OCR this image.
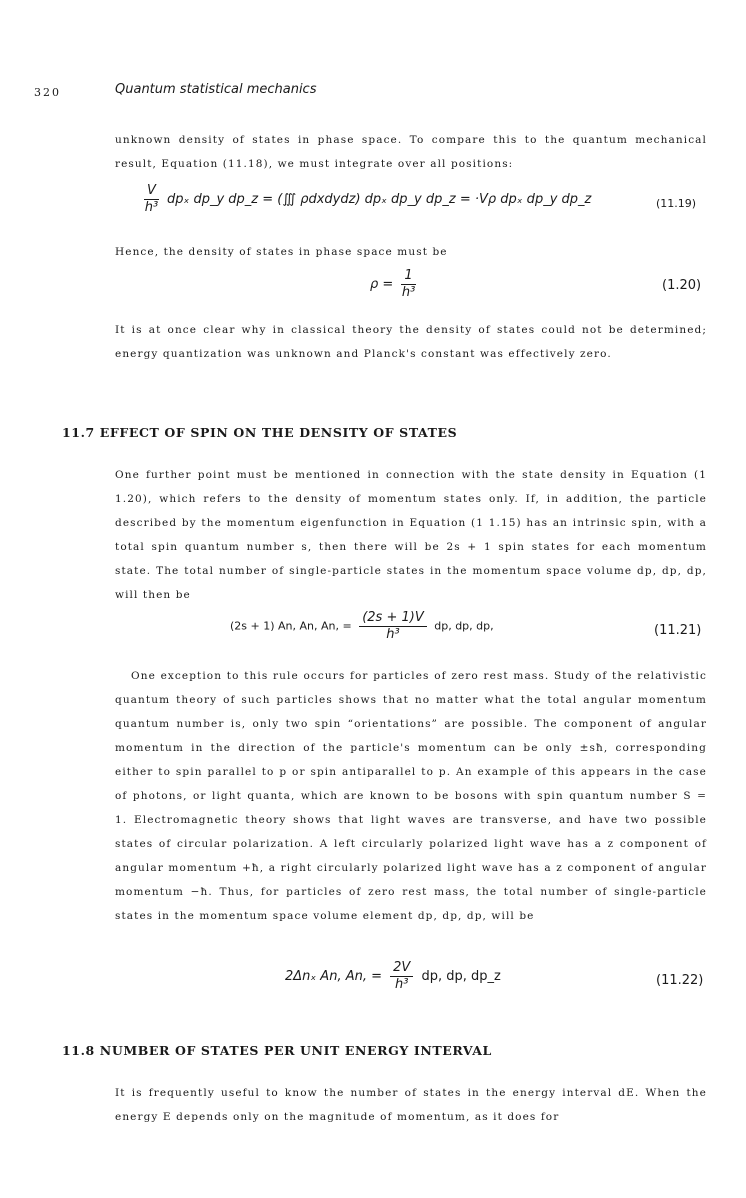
320	Quantum statistical mechanics
unknown density of states in phase space. To compare this to the quantum mechanical result, Equation (11.18), we must integrate over all positions:
$\frac{V}{\text{h³}}$ dpₓ dp_y dp_z = (∭ ρdxdydz) dpₓ dp_y dp_z = ·Vρ dpₓ dp_y dp_z	(11.19)
Hence, the density of states in phase space must be
$\rho = \frac{1}{\text{h³}}$	(1.20)
It is at once clear why in classical theory the density of states could not be determined; energy quantization was unknown and Planck's constant was effectively zero.
11.7 EFFECT OF SPIN ON THE DENSITY OF STATES
One further point must be mentioned in connection with the state density in Equation (1 1.20), which refers to the density of momentum states only. If, in addition, the particle described by the momentum eigenfunction in Equation (1 1.15) has an intrinsic spin, with a total spin quantum number s, then there will be 2s + 1 spin states for each momentum state. The total number of single-particle states in the momentum space volume dp, dp, dp, will then be
(2s + 1) An, An, An, = $\frac{(2s + 1)V}{\text{h³}}$ dp, dp, dp,	(11.21)
One exception to this rule occurs for particles of zero rest mass. Study of the relativistic quantum theory of such particles shows that no matter what the total angular momentum quantum number is, only two spin “orientations” are possible. The component of angular momentum in the direction of the particle's momentum can be only ±sħ, corresponding either to spin parallel to p or spin antiparallel to p. An example of this appears in the case of photons, or light quanta, which are known to be bosons with spin quantum number S = 1. Electromagnetic theory shows that light waves are transverse, and have two possible states of circular polarization. A left circularly polarized light wave has a z component of angular momentum +ħ, a right circularly polarized light wave has a z component of angular momentum −ħ. Thus, for particles of zero rest mass, the total number of single-particle states in the momentum space volume element dp, dp, dp, will be
2Δnₓ An, An, = $\frac{2V}{\text{h³}}$ dp, dp, dp_z	(11.22)
11.8 NUMBER OF STATES PER UNIT ENERGY INTERVAL
It is frequently useful to know the number of states in the energy interval dE. When the energy E depends only on the magnitude of momentum, as it does for
